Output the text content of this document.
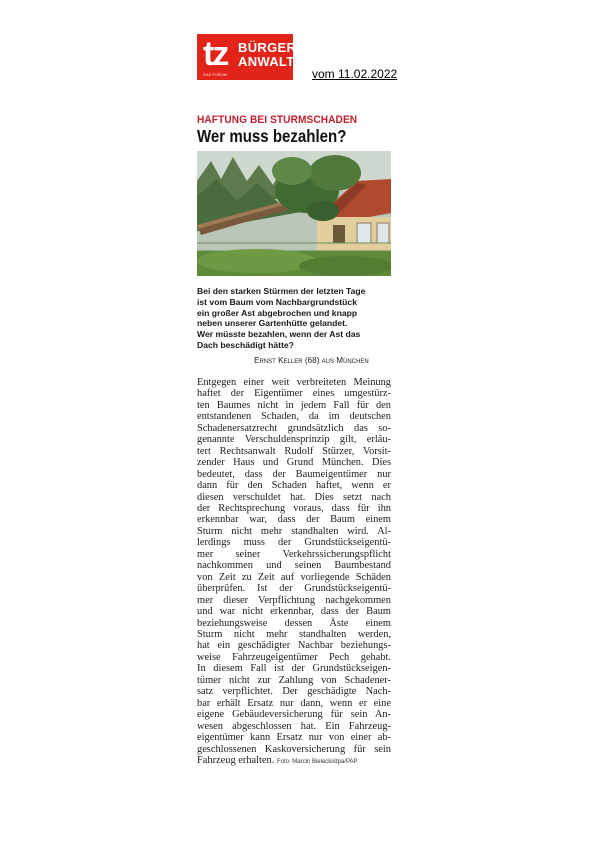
tz BÜRGER
ANWALT
DAS FORUM	vom 11.02.2022
HAFTUNG BEI STURMSCHADEN
Wer muss bezahlen?
Bei den starken Stürmen der letzten Tage
ist vom Baum vom Nachbargrundstück
ein großer Ast abgebrochen und knapp
neben unserer Gartenhütte gelandet.
Wer müsste bezahlen, wenn der Ast das
Dach beschädigt hätte?
Ernst Keller (68) aus München
Entgegen einer weit verbreiteten Meinung
haftet der Eigentümer eines umgestürz-
ten Baumes nicht in jedem Fall für den
entstandenen Schaden, da im deutschen
Schadenersatzrecht grundsätzlich das so-
genannte Verschuldensprinzip gilt, erläu-
tert Rechtsanwalt Rudolf Stürzer, Vorsit-
zender Haus und Grund München. Dies
bedeutet, dass der Baumeigentümer nur
dann für den Schaden haftet, wenn er
diesen verschuldet hat. Dies setzt nach
der Rechtsprechung voraus, dass für ihn
erkennbar war, dass der Baum einem
Sturm nicht mehr standhalten wird. Al-
lerdings muss der Grundstückseigentü-
mer seiner Verkehrssicherungspflicht
nachkommen und seinen Baumbestand
von Zeit zu Zeit auf vorliegende Schäden
überprüfen. Ist der Grundstückseigentü-
mer dieser Verpflichtung nachgekommen
und war nicht erkennbar, dass der Baum
beziehungsweise dessen Äste einem
Sturm nicht mehr standhalten werden,
hat ein geschädigter Nachbar beziehungs-
weise Fahrzeugeigentümer Pech gehabt.
In diesem Fall ist der Grundstückseigen-
tümer nicht zur Zahlung von Schadener-
satz verpflichtet. Der geschädigte Nach-
bar erhält Ersatz nur dann, wenn er eine
eigene Gebäudeversicherung für sein An-
wesen abgeschlossen hat. Ein Fahrzeug-
eigentümer kann Ersatz nur von einer ab-
geschlossenen Kaskoversicherung für sein
Fahrzeug erhalten. Foto: Marcin Bielecki/dpa/PAP
